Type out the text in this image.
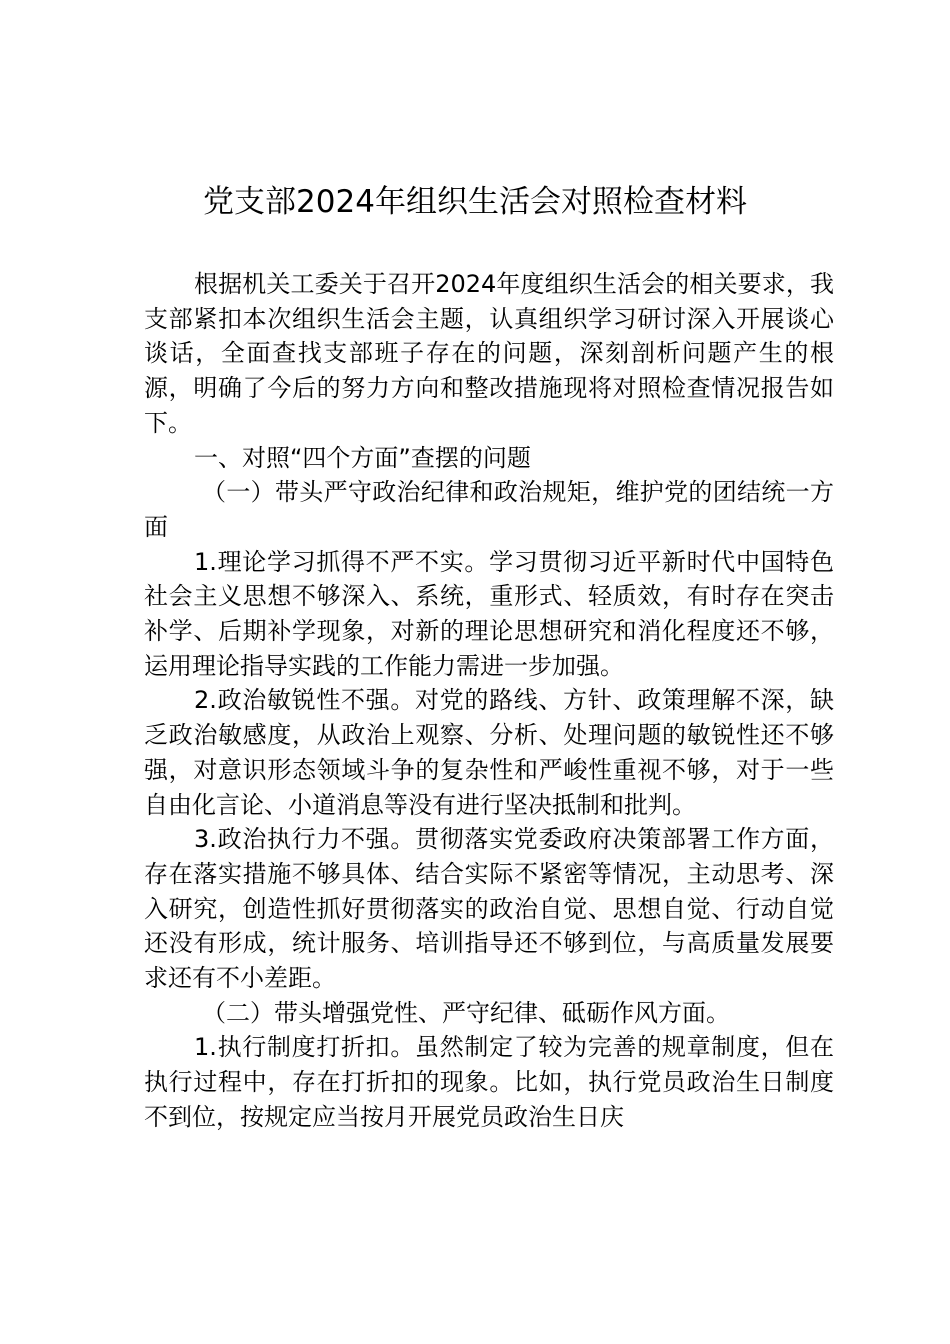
党支部2024年组织生活会对照检查材料

根据机关工委关于召开2024年度组织生活会的相关要求，我支部紧扣本次组织生活会主题，认真组织学习研讨深入开展谈心谈话，全面查找支部班子存在的问题，深刻剖析问题产生的根源，明确了今后的努力方向和整改措施现将对照检查情况报告如下。

一、对照“四个方面”查摆的问题

（一）带头严守政治纪律和政治规矩，维护党的团结统一方面

1.理论学习抓得不严不实。学习贯彻习近平新时代中国特色社会主义思想不够深入、系统，重形式、轻质效，有时存在突击补学、后期补学现象，对新的理论思想研究和消化程度还不够，运用理论指导实践的工作能力需进一步加强。

2.政治敏锐性不强。对党的路线、方针、政策理解不深，缺乏政治敏感度，从政治上观察、分析、处理问题的敏锐性还不够强，对意识形态领域斗争的复杂性和严峻性重视不够，对于一些自由化言论、小道消息等没有进行坚决抵制和批判。

3.政治执行力不强。贯彻落实党委政府决策部署工作方面，存在落实措施不够具体、结合实际不紧密等情况，主动思考、深入研究，创造性抓好贯彻落实的政治自觉、思想自觉、行动自觉还没有形成，统计服务、培训指导还不够到位，与高质量发展要求还有不小差距。

（二）带头增强党性、严守纪律、砥砺作风方面。

1.执行制度打折扣。虽然制定了较为完善的规章制度，但在执行过程中，存在打折扣的现象。比如，执行党员政治生日制度不到位，按规定应当按月开展党员政治生日庆
